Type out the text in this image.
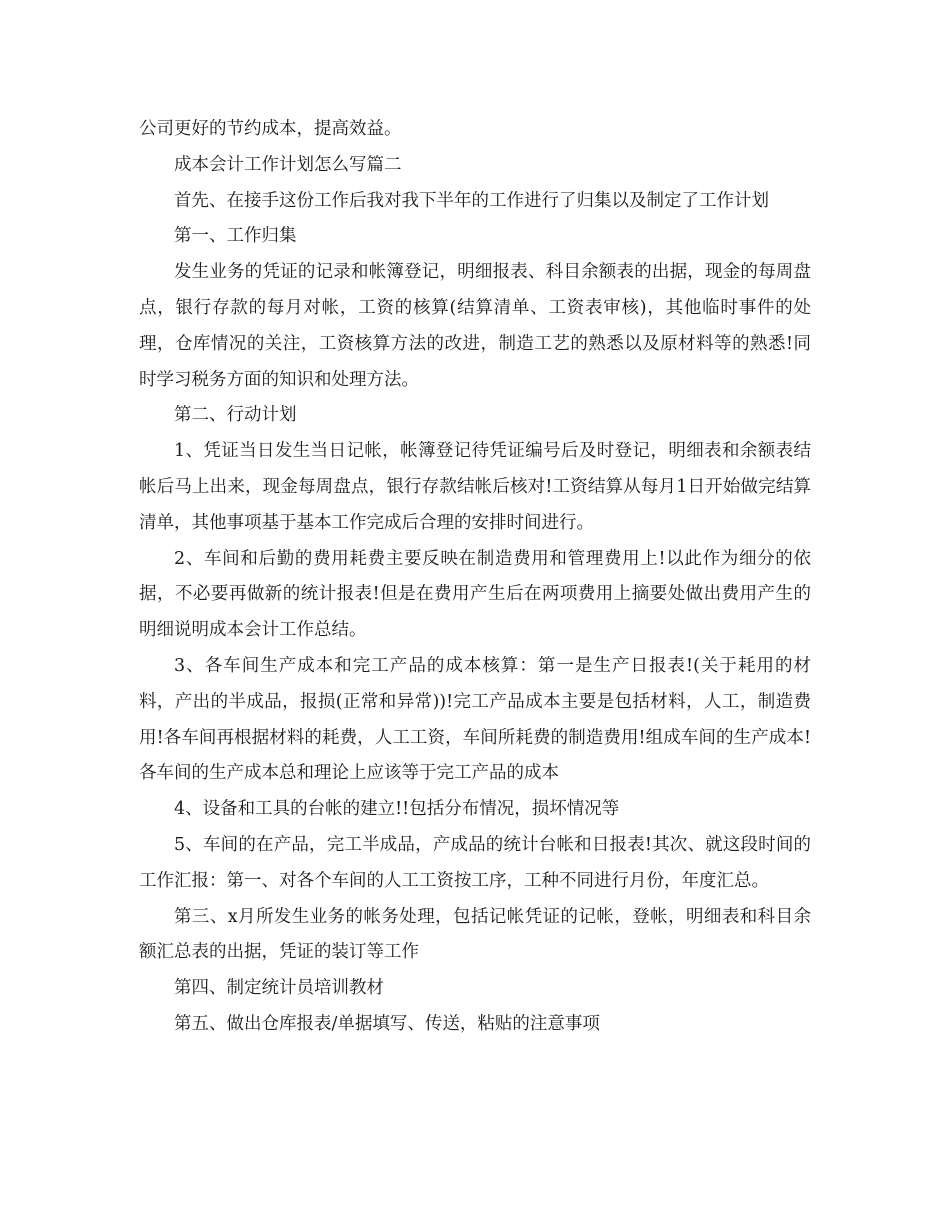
公司更好的节约成本，提高效益。

成本会计工作计划怎么写篇二

首先、在接手这份工作后我对我下半年的工作进行了归集以及制定了工作计划

第一、工作归集

发生业务的凭证的记录和帐簿登记，明细报表、科目余额表的出据，现金的每周盘点，银行存款的每月对帐，工资的核算(结算清单、工资表审核)，其他临时事件的处理，仓库情况的关注，工资核算方法的改进，制造工艺的熟悉以及原材料等的熟悉!同时学习税务方面的知识和处理方法。

第二、行动计划

1、凭证当日发生当日记帐，帐簿登记待凭证编号后及时登记，明细表和余额表结帐后马上出来，现金每周盘点，银行存款结帐后核对!工资结算从每月1日开始做完结算清单，其他事项基于基本工作完成后合理的安排时间进行。

2、车间和后勤的费用耗费主要反映在制造费用和管理费用上!以此作为细分的依据，不必要再做新的统计报表!但是在费用产生后在两项费用上摘要处做出费用产生的明细说明成本会计工作总结。

3、各车间生产成本和完工产品的成本核算：第一是生产日报表!(关于耗用的材料，产出的半成品，报损(正常和异常))!完工产品成本主要是包括材料，人工，制造费用!各车间再根据材料的耗费，人工工资，车间所耗费的制造费用!组成车间的生产成本!各车间的生产成本总和理论上应该等于完工产品的成本

4、设备和工具的台帐的建立!!包括分布情况，损坏情况等

5、车间的在产品，完工半成品，产成品的统计台帐和日报表!其次、就这段时间的工作汇报：第一、对各个车间的人工工资按工序，工种不同进行月份，年度汇总。

第三、x月所发生业务的帐务处理，包括记帐凭证的记帐，登帐，明细表和科目余额汇总表的出据，凭证的装订等工作

第四、制定统计员培训教材

第五、做出仓库报表/单据填写、传送，粘贴的注意事项
